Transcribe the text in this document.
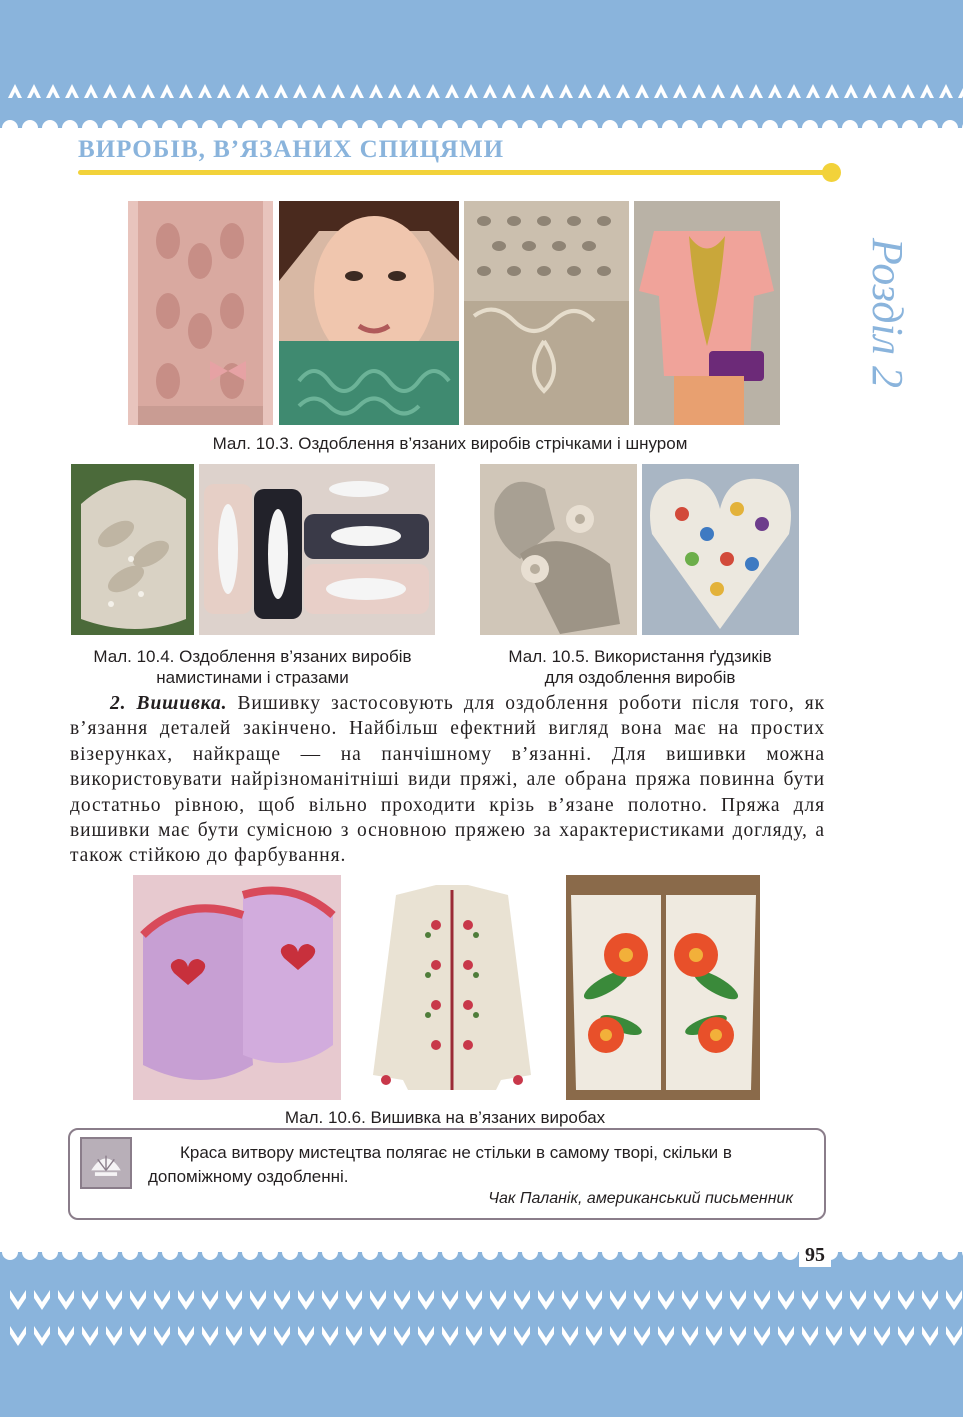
ВИРОБІВ, В’ЯЗАНИХ СПИЦЯМИ
Розділ 2
Мал. 10.3. Оздоблення в’язаних виробів стрічками і шнуром
Мал. 10.4. Оздоблення в’язаних виробів
намистинами і стразами
Мал. 10.5. Використання ґудзиків
для оздоблення виробів
2. Вишивка. Вишивку застосовують для оздоблення роботи після того, як в’язання деталей закінчено. Найбільш ефектний вигляд вона має на простих візерунках, найкраще — на панчішному в’язанні. Для вишивки можна використовувати найрізноманітніші види пряжі, але обрана пряжа повинна бути достатньо рівною, щоб вільно проходити крізь в’язане полотно. Пряжа для вишивки має бути сумісною з основною пряжею за характеристиками догляду, а також стійкою до фарбування.
Мал. 10.6. Вишивка на в’язаних виробах
Краса витвору мистецтва полягає не стільки в самому творі, скільки в допоміжному оздобленні.
Чак Паланік, американський письменник
95
